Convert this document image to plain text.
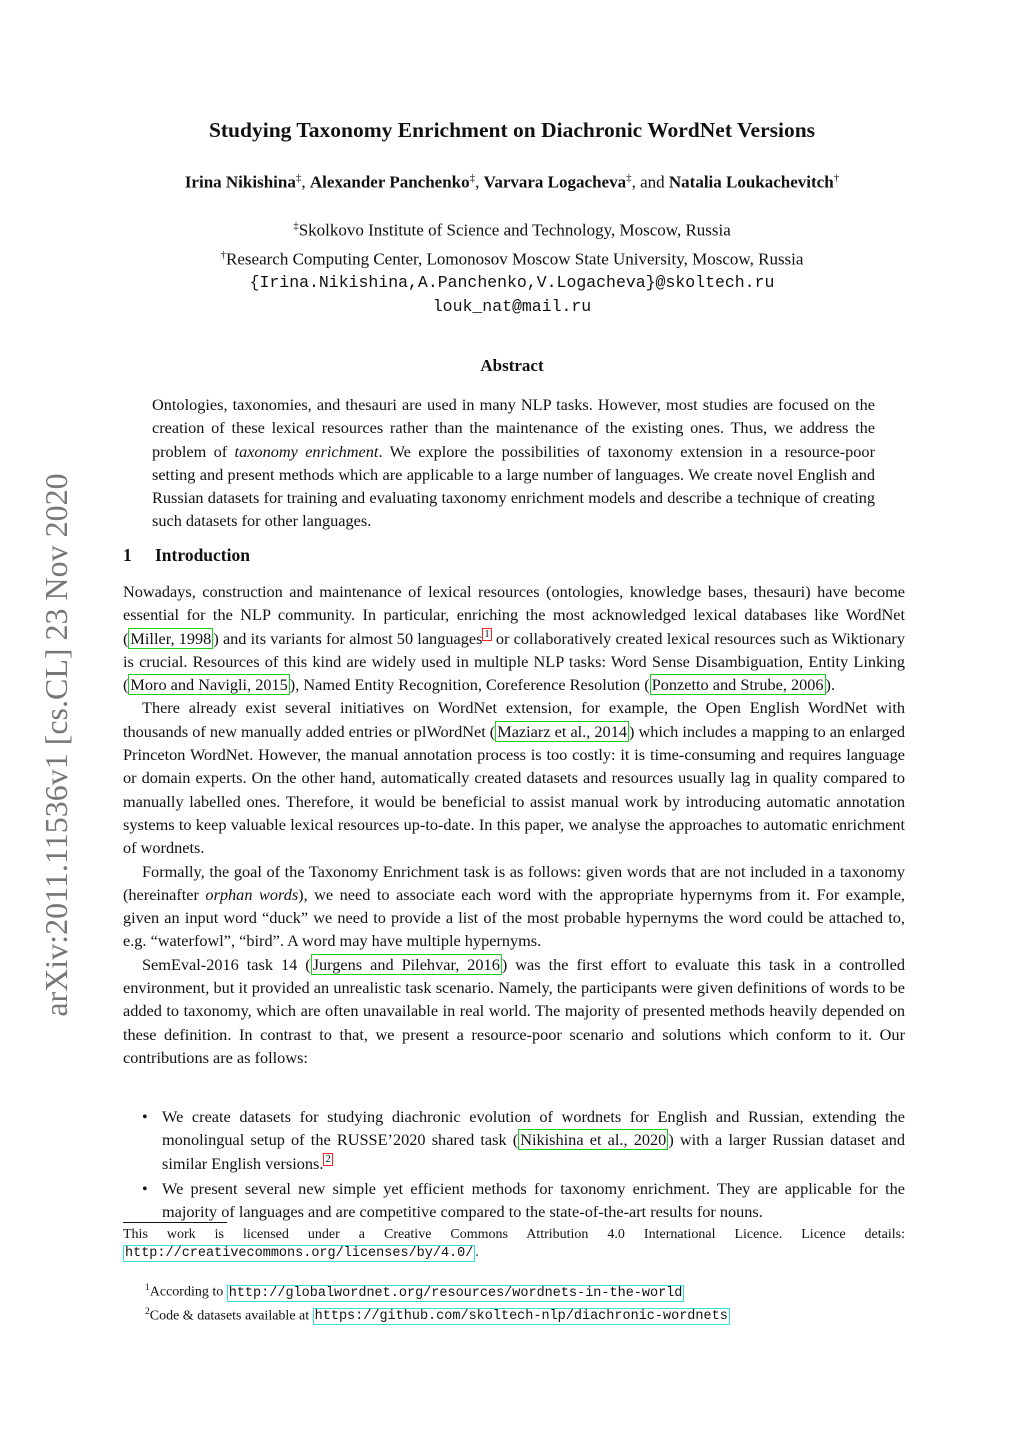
arXiv:2011.11536v1 [cs.CL] 23 Nov 2020
Studying Taxonomy Enrichment on Diachronic WordNet Versions
Irina Nikishina‡, Alexander Panchenko‡, Varvara Logacheva‡, and Natalia Loukachevitch†
‡Skolkovo Institute of Science and Technology, Moscow, Russia
†Research Computing Center, Lomonosov Moscow State University, Moscow, Russia
{Irina.Nikishina,A.Panchenko,V.Logacheva}@skoltech.ru
louk_nat@mail.ru
Abstract
Ontologies, taxonomies, and thesauri are used in many NLP tasks. However, most studies are focused on the creation of these lexical resources rather than the maintenance of the existing ones. Thus, we address the problem of taxonomy enrichment. We explore the possibilities of taxonomy extension in a resource-poor setting and present methods which are applicable to a large number of languages. We create novel English and Russian datasets for training and evaluating taxonomy enrichment models and describe a technique of creating such datasets for other languages.
1 Introduction

Nowadays, construction and maintenance of lexical resources (ontologies, knowledge bases, thesauri) have become essential for the NLP community. In particular, enriching the most acknowledged lexical databases like WordNet ( Miller, 1998 ) and its variants for almost 50 languages $^1$ or collaboratively created lexical resources such as Wiktionary is crucial. Resources of this kind are widely used in multiple NLP tasks: Word Sense Disambiguation, Entity Linking ( Moro and Navigli, 2015 ), Named Entity Recognition, Coreference Resolution ( Ponzetto and Strube, 2006 ).

There already exist several initiatives on WordNet extension, for example, the Open English WordNet with thousands of new manually added entries or plWordNet ( Maziarz et al., 2014 ) which includes a mapping to an enlarged Princeton WordNet. However, the manual annotation process is too costly: it is time-consuming and requires language or domain experts. On the other hand, automatically created datasets and resources usually lag in quality compared to manually labelled ones. Therefore, it would be beneficial to assist manual work by introducing automatic annotation systems to keep valuable lexical resources up-to-date. In this paper, we analyse the approaches to automatic enrichment of wordnets.

Formally, the goal of the Taxonomy Enrichment task is as follows: given words that are not included in a taxonomy (hereinafter orphan words), we need to associate each word with the appropriate hypernyms from it. For example, given an input word “duck” we need to provide a list of the most probable hypernyms the word could be attached to, e.g. “waterfowl”, “bird”. A word may have multiple hypernyms.

SemEval-2016 task 14 ( Jurgens and Pilehvar, 2016 ) was the first effort to evaluate this task in a controlled environment, but it provided an unrealistic task scenario. Namely, the participants were given definitions of words to be added to taxonomy, which are often unavailable in real world. The majority of presented methods heavily depended on these definition. In contrast to that, we present a resource-poor scenario and solutions which conform to it. Our contributions are as follows:

• We create datasets for studying diachronic evolution of wordnets for English and Russian, extending the monolingual setup of the RUSSE’2020 shared task ( Nikishina et al., 2020 ) with a larger Russian dataset and similar English versions. $^2$
• We present several new simple yet efficient methods for taxonomy enrichment. They are applicable for the majority of languages and are competitive compared to the state-of-the-art results for nouns.
This work is licensed under a Creative Commons Attribution 4.0 International Licence. Licence details: http://creativecommons.org/licenses/by/4.0/ .
$^1$According to http://globalwordnet.org/resources/wordnets-in-the-world
$^2$Code & datasets available at https://github.com/skoltech-nlp/diachronic-wordnets
